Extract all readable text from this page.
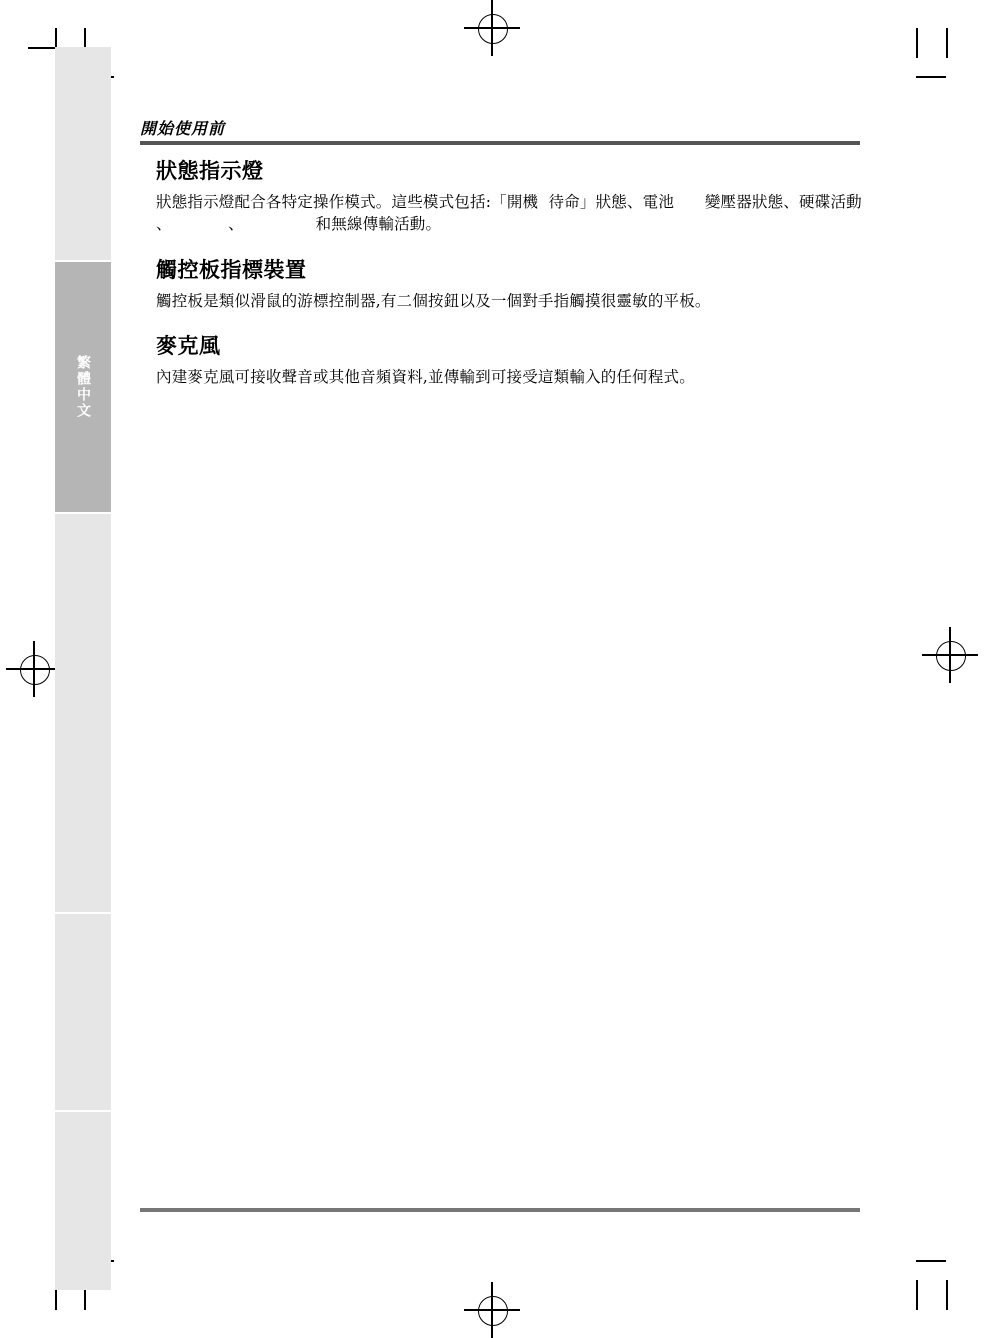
繁體中文
開始使用前
狀態指示燈

狀態指示燈配合各特定操作模式。這些模式包括:「開機  待命」狀態、電池      變壓器狀態、硬碟活動           、           、              和無線傳輸活動。

觸控板指標裝置

觸控板是類似滑鼠的游標控制器,有二個按鈕以及一個對手指觸摸很靈敏的平板。

麥克風

內建麥克風可接收聲音或其他音頻資料,並傳輸到可接受這類輸入的任何程式。
